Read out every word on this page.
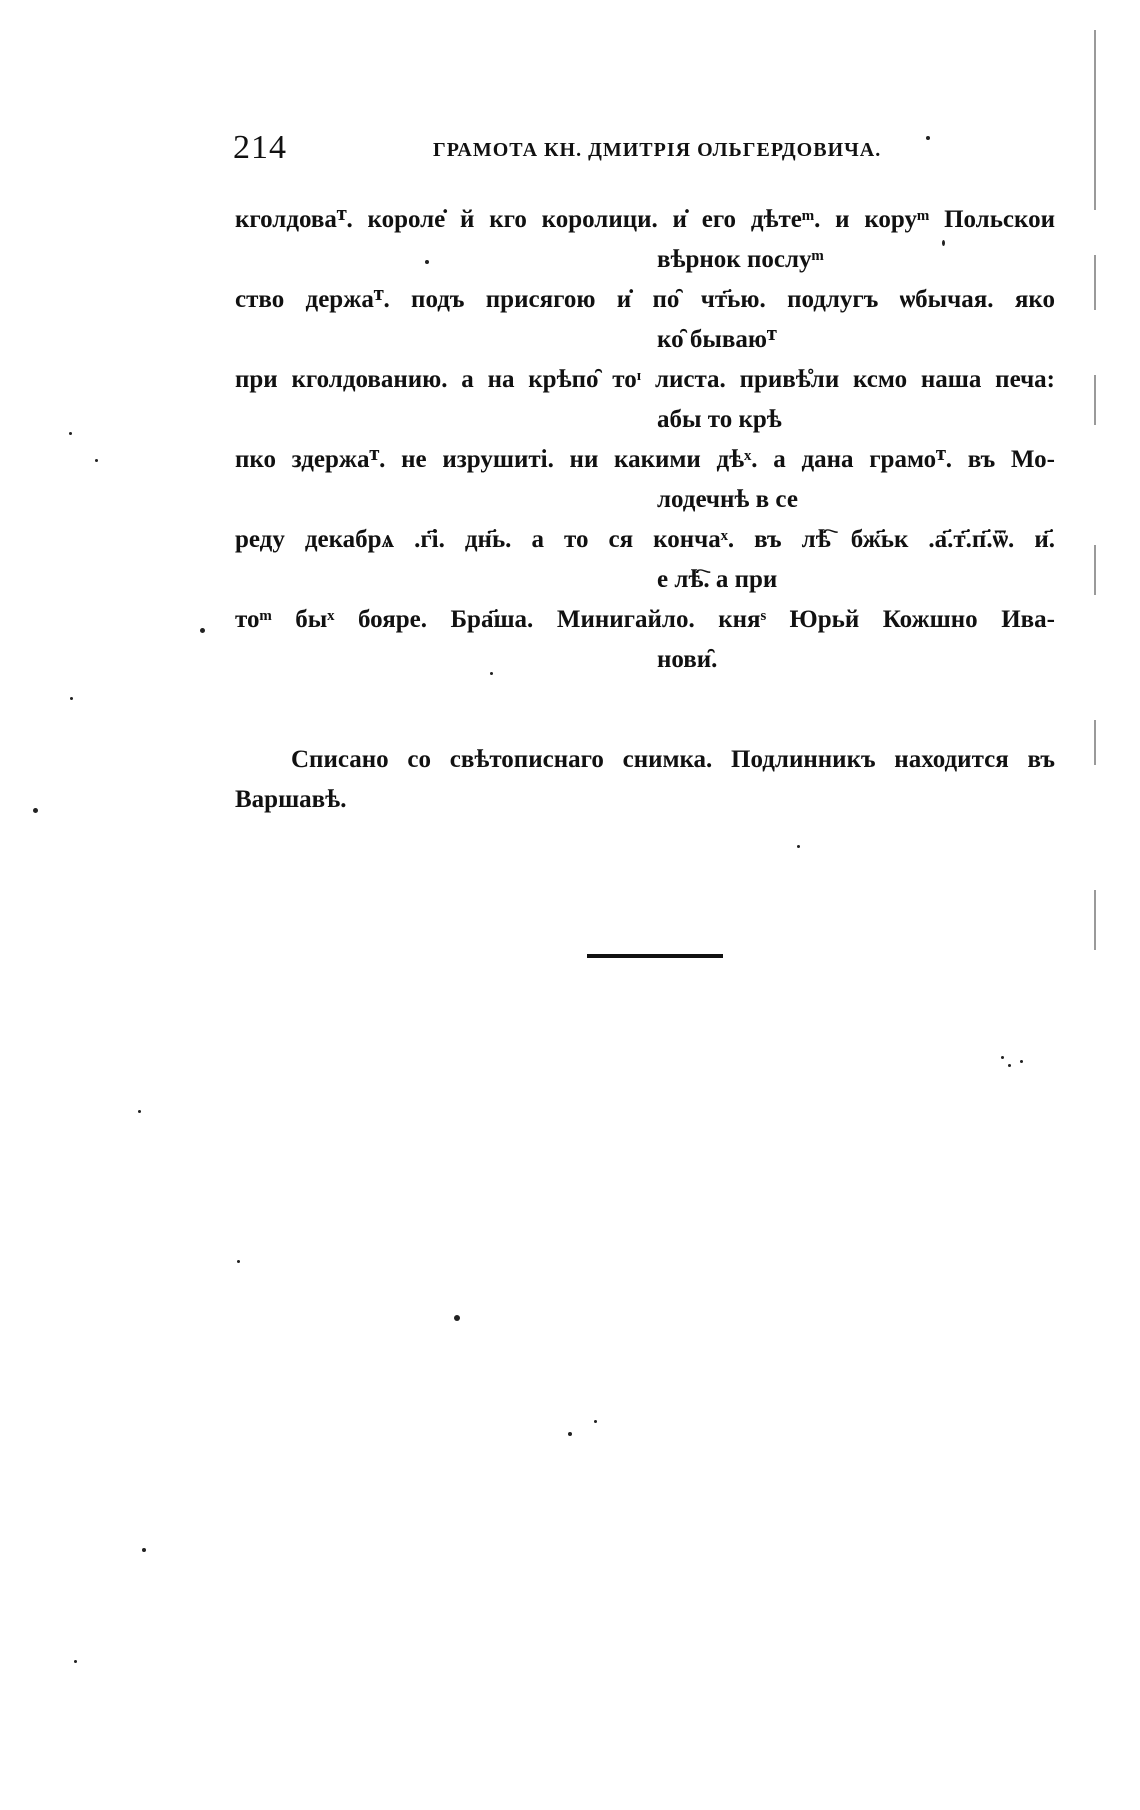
214	ГРАМОТА КН. ДМИТРІЯ ОЛЬГЕРДОВИЧА.
кголдоваᵀ. короле̇ й кго королици. и̇ его дѣтеᵐ. и коруᵐ Польскои
вѣрнок послуᵐ
ство держаᵀ. подъ присягою и̇ по̑ чт҃ью. подлугъ ѡбычая. яко
ко̑ бываюᵀ
при кголдованию. а на крѣпо̑ тоᶦ листа. привѣ̊ли ксмо наша печа:
абы то крѣ
пко здержаᵀ. не изрушиті. ни какими дѣˣ. а дана грамоᵀ. въ Мо-
лодечнѣ в се
реду декабрѧ .г҃і. дн҃ь. а то ся кончаˣ. въ лѣ҇ бж҃ьк .а҃.т҃.п҃.ѿ. и҃.
е лѣ҇. а при
тоᵐ быˣ бояре. Бра҃ша. Минигайло. княˢ Юрьй Кожшно Ива-
нови̑.
Списано со свѣтописнаго снимка. Подлинникъ находится въ
Варшавѣ.
